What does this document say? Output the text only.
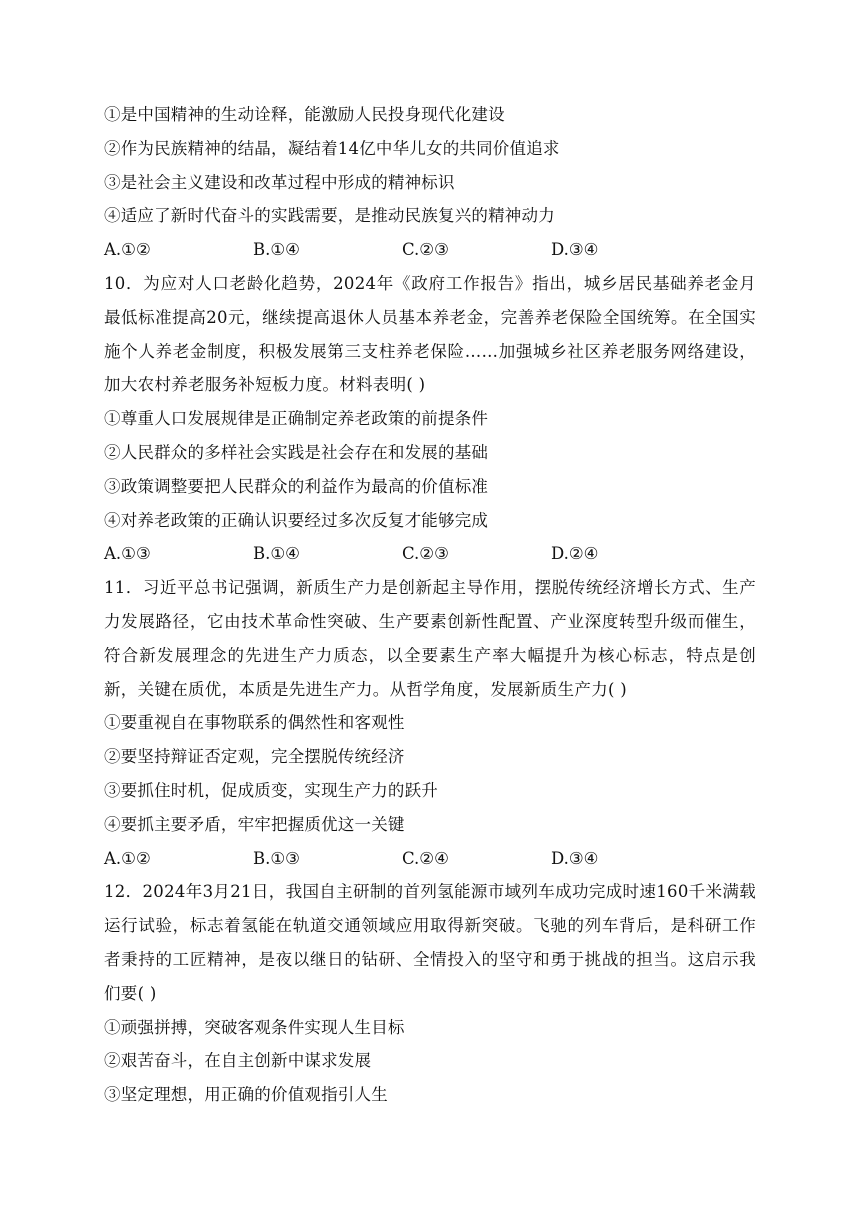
①是中国精神的生动诠释，能激励人民投身现代化建设
②作为民族精神的结晶，凝结着14亿中华儿女的共同价值追求
③是社会主义建设和改革过程中形成的精神标识
④适应了新时代奋斗的实践需要，是推动民族复兴的精神动力
A.①②	B.①④	C.②③	D.③④
10．为应对人口老龄化趋势，2024年《政府工作报告》指出，城乡居民基础养老金月最低标准提高20元，继续提高退休人员基本养老金，完善养老保险全国统筹。在全国实施个人养老金制度，积极发展第三支柱养老保险……加强城乡社区养老服务网络建设，加大农村养老服务补短板力度。材料表明( )
①尊重人口发展规律是正确制定养老政策的前提条件
②人民群众的多样社会实践是社会存在和发展的基础
③政策调整要把人民群众的利益作为最高的价值标准
④对养老政策的正确认识要经过多次反复才能够完成
A.①③	B.①④	C.②③	D.②④
11．习近平总书记强调，新质生产力是创新起主导作用，摆脱传统经济增长方式、生产力发展路径，它由技术革命性突破、生产要素创新性配置、产业深度转型升级而催生，符合新发展理念的先进生产力质态，以全要素生产率大幅提升为核心标志，特点是创新，关键在质优，本质是先进生产力。从哲学角度，发展新质生产力( )
①要重视自在事物联系的偶然性和客观性
②要坚持辩证否定观，完全摆脱传统经济
③要抓住时机，促成质变，实现生产力的跃升
④要抓主要矛盾，牢牢把握质优这一关键
A.①②	B.①③	C.②④	D.③④
12．2024年3月21日，我国自主研制的首列氢能源市域列车成功完成时速160千米满载运行试验，标志着氢能在轨道交通领域应用取得新突破。飞驰的列车背后，是科研工作者秉持的工匠精神，是夜以继日的钻研、全情投入的坚守和勇于挑战的担当。这启示我们要( )
①顽强拼搏，突破客观条件实现人生目标
②艰苦奋斗，在自主创新中谋求发展
③坚定理想，用正确的价值观指引人生
